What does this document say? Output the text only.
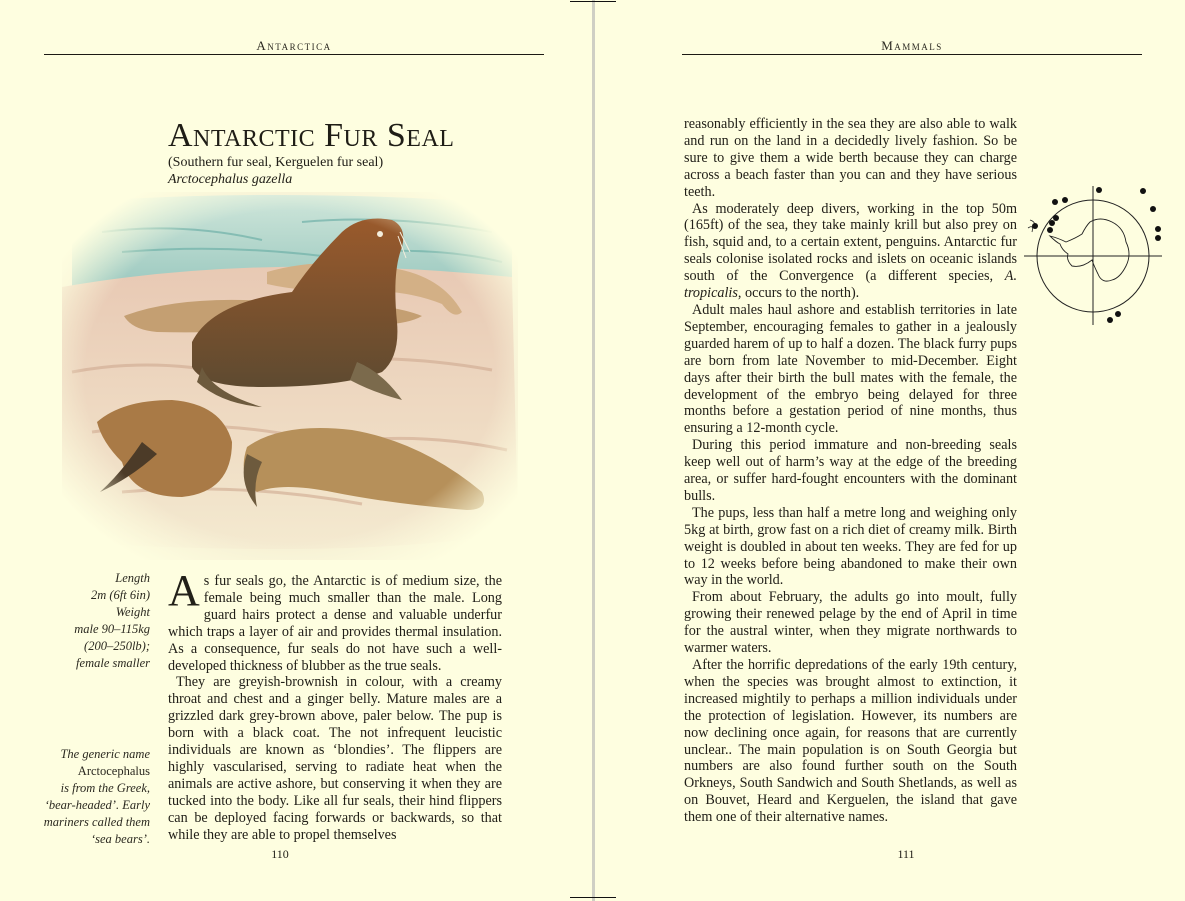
Antarctica
Antarctic Fur Seal
(Southern fur seal, Kerguelen fur seal)
Arctocephalus gazella
Length
2m (6ft 6in)
Weight
male 90–115kg
(200–250lb);
female smaller
The generic name
Arctocephalus
is from the Greek,
‘bear-headed’. Early
mariners called them
‘sea bears’.

As fur seals go, the Antarctic is of medium size, the female being much smaller than the male. Long guard hairs protect a dense and valuable underfur which traps a layer of air and provides thermal insulation. As a consequence, fur seals do not have such a well-developed thickness of blubber as the true seals.

They are greyish-brownish in colour, with a creamy throat and chest and a ginger belly. Mature males are a grizzled dark grey-brown above, paler below. The pup is born with a black coat. The not infrequent leucistic individuals are known as ‘blondies’. The flippers are highly vascularised, serving to radiate heat when the animals are active ashore, but conserving it when they are tucked into the body. Like all fur seals, their hind flippers can be deployed facing forwards or backwards, so that while they are able to propel themselves

110
Mammals

reasonably efficiently in the sea they are also able to walk and run on the land in a decidedly lively fashion. So be sure to give them a wide berth because they can charge across a beach faster than you can and they have serious teeth.

As moderately deep divers, working in the top 50m (165ft) of the sea, they take mainly krill but also prey on fish, squid and, to a certain extent, penguins. Antarctic fur seals colonise isolated rocks and islets on oceanic islands south of the Convergence (a different species, A. tropicalis, occurs to the north).

Adult males haul ashore and establish territories in late September, encouraging females to gather in a jealously guarded harem of up to half a dozen. The black furry pups are born from late November to mid-December. Eight days after their birth the bull mates with the female, the development of the embryo being delayed for three months before a gestation period of nine months, thus ensuring a 12-month cycle.

During this period immature and non-breeding seals keep well out of harm’s way at the edge of the breeding area, or suffer hard-fought encounters with the dominant bulls.

The pups, less than half a metre long and weighing only 5kg at birth, grow fast on a rich diet of creamy milk. Birth weight is doubled in about ten weeks. They are fed for up to 12 weeks before being abandoned to make their own way in the world.

From about February, the adults go into moult, fully growing their renewed pelage by the end of April in time for the austral winter, when they migrate northwards to warmer waters.

After the horrific depredations of the early 19th century, when the species was brought almost to extinction, it increased mightily to perhaps a million individuals under the protection of legislation. However, its numbers are now declining once again, for reasons that are currently unclear.. The main population is on South Georgia but numbers are also found further south on the South Orkneys, South Sandwich and South Shetlands, as well as on Bouvet, Heard and Kerguelen, the island that gave them one of their alternative names.

111
